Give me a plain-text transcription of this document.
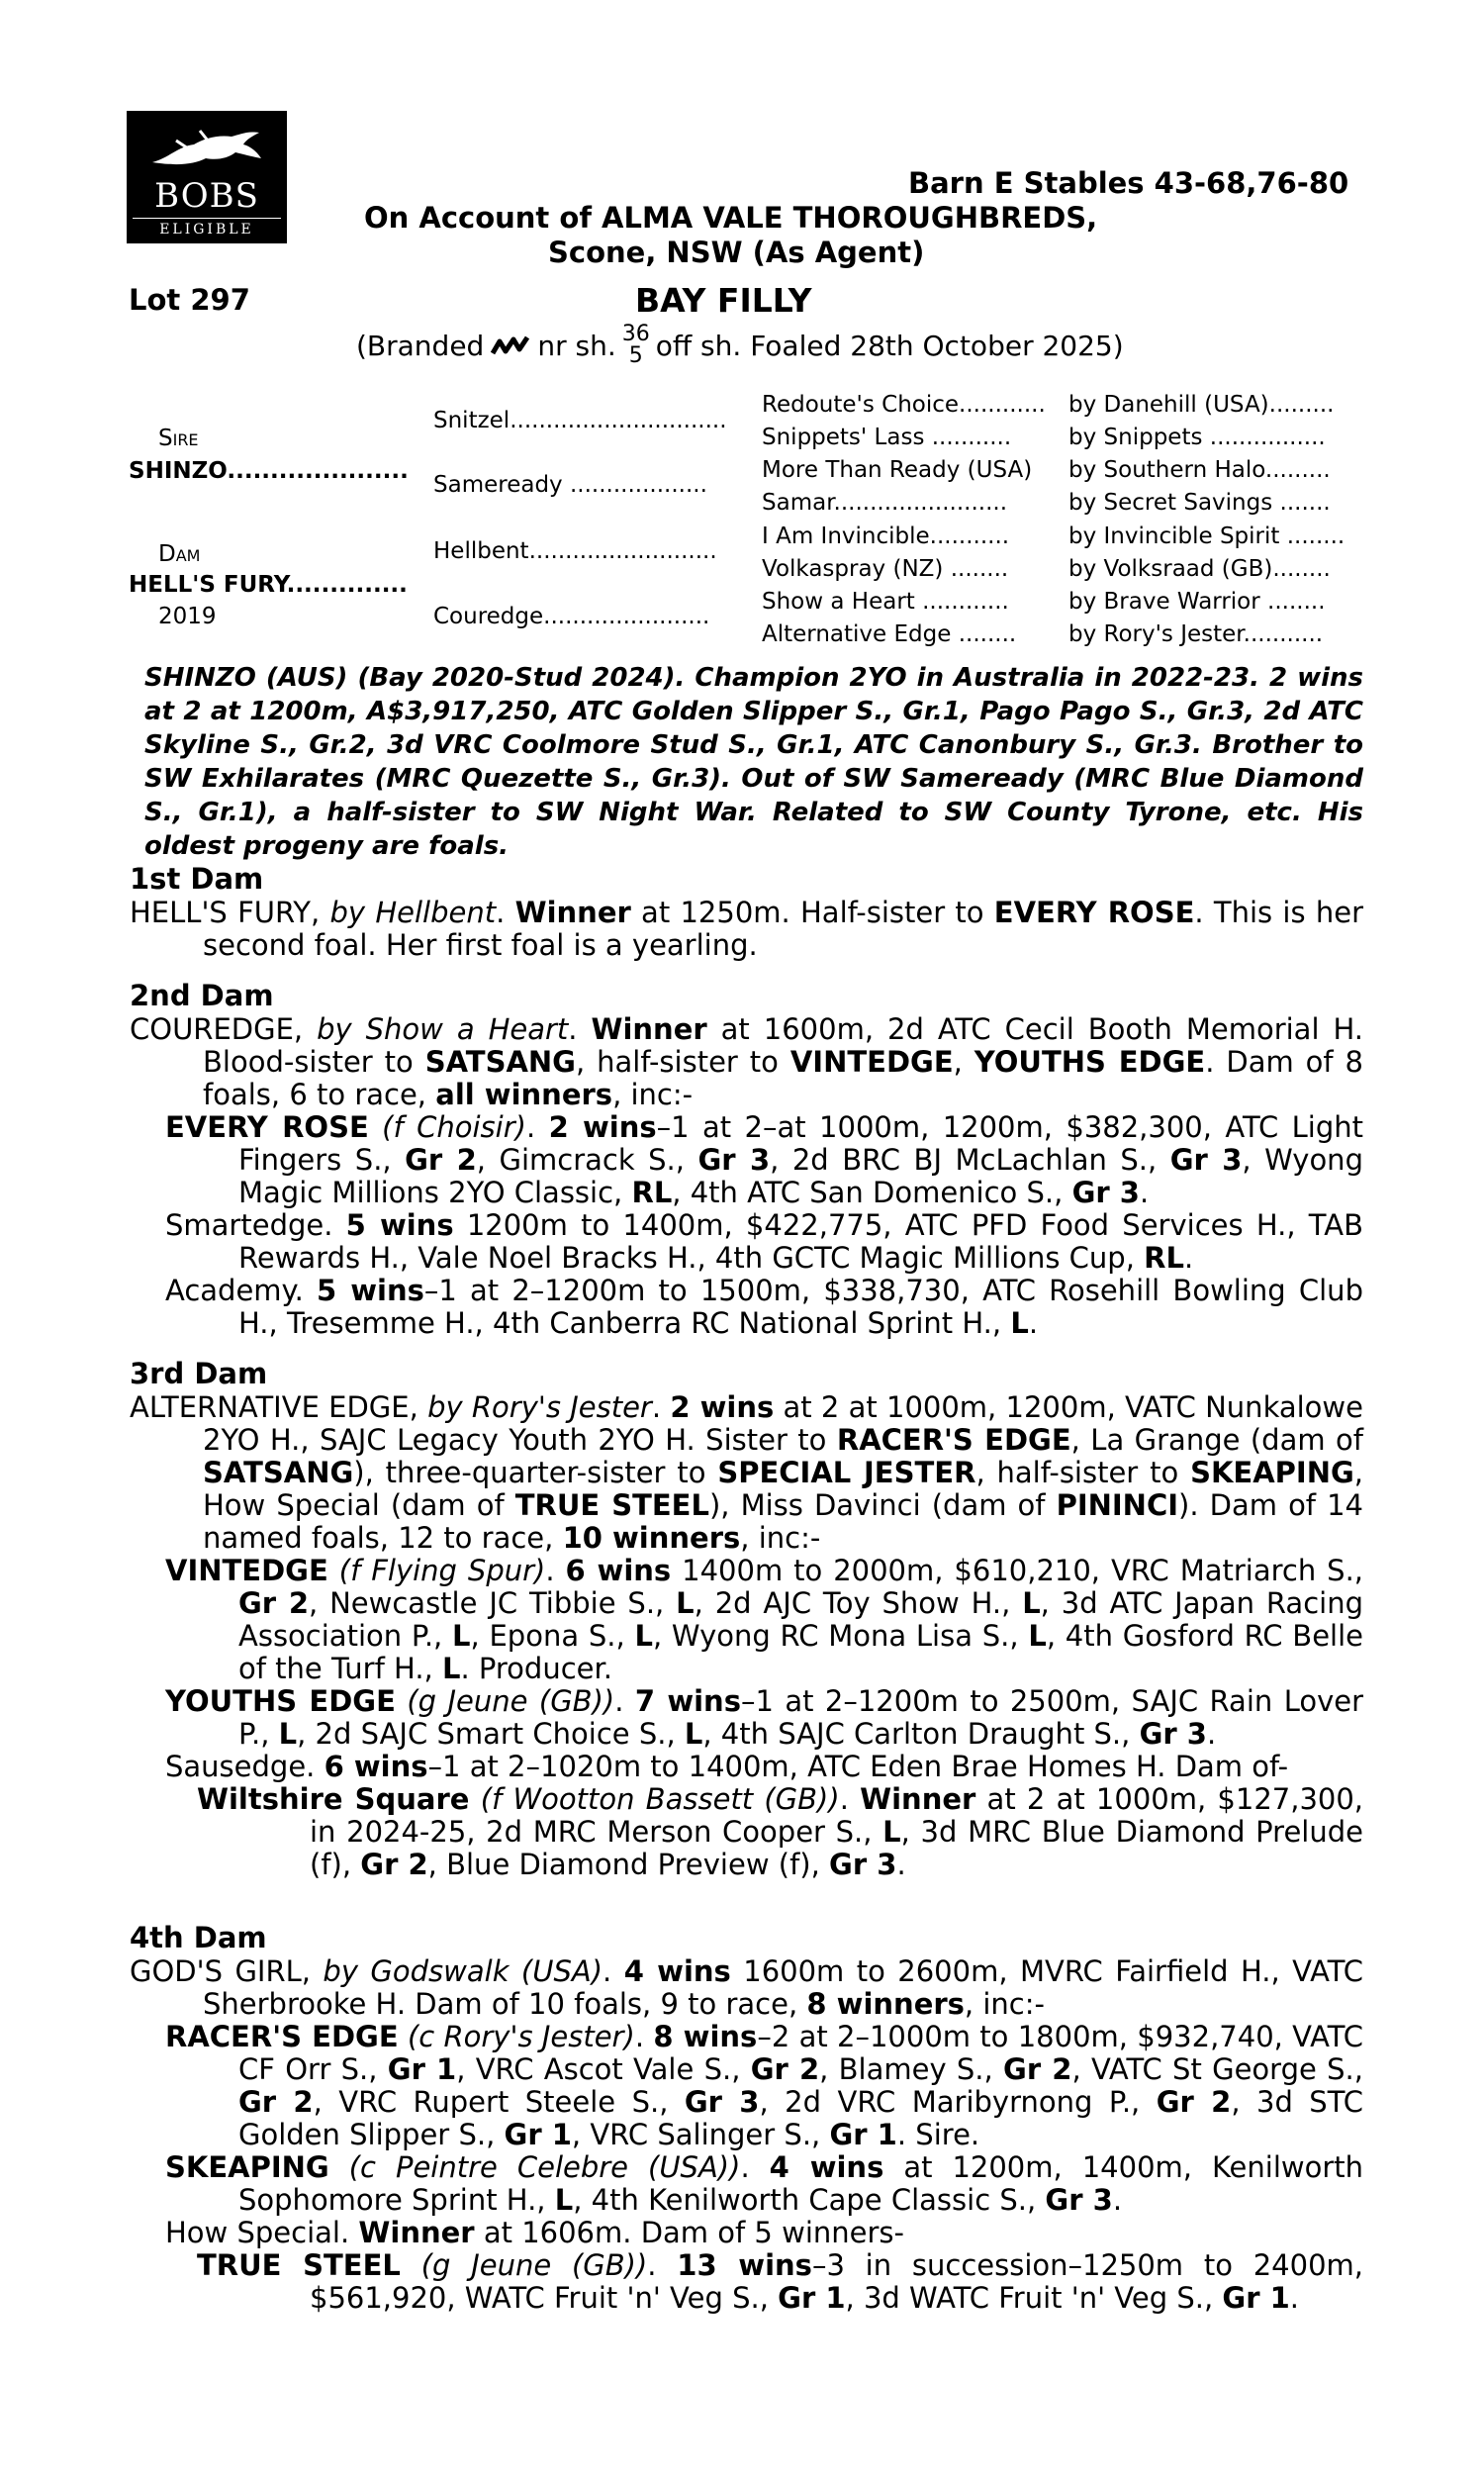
BOBS
ELIGIBLE
Barn E Stables 43-68,76-80
On Account of ALMA VALE THOROUGHBREDS,
Scone, NSW (As Agent)
Lot 297	BAY FILLY
(Branded nr sh. 36
5 off sh. Foaled 28th October 2025)
Sire
SHINZO.....................
Dam
HELL'S FURY..............
2019
Snitzel..............................
Sameready ...................
Hellbent..........................
Couredge.......................
Redoute's Choice............
Snippets' Lass ...........
More Than Ready (USA)
Samar........................
I Am Invincible...........
Volkaspray (NZ) ........
Show a Heart ............
Alternative Edge ........
by Danehill (USA).........
by Snippets ................
by Southern Halo.........
by Secret Savings .......
by Invincible Spirit ........
by Volksraad (GB)........
by Brave Warrior ........
by Rory's Jester...........

SHINZO (AUS) (Bay 2020-Stud 2024). Champion 2YO in Australia in 2022-23. 2 wins at 2 at 1200m, A$3,917,250, ATC Golden Slipper S., Gr.1, Pago Pago S., Gr.3, 2d ATC Skyline S., Gr.2, 3d VRC Coolmore Stud S., Gr.1, ATC Canonbury S., Gr.3. Brother to SW Exhilarates (MRC Quezette S., Gr.3). Out of SW Sameready (MRC Blue Diamond S., Gr.1), a half-sister to SW Night War. Related to SW County Tyrone, etc. His oldest progeny are foals.

1st Dam

HELL'S FURY, by Hellbent. Winner at 1250m. Half-sister to EVERY ROSE. This is her second foal. Her first foal is a yearling.

2nd Dam

COUREDGE, by Show a Heart. Winner at 1600m, 2d ATC Cecil Booth Memorial H. Blood-sister to SATSANG, half-sister to VINTEDGE, YOUTHS EDGE. Dam of 8 foals, 6 to race, all winners, inc:-

EVERY ROSE (f Choisir). 2 wins–1 at 2–at 1000m, 1200m, $382,300, ATC Light Fingers S., Gr 2, Gimcrack S., Gr 3, 2d BRC BJ McLachlan S., Gr 3, Wyong Magic Millions 2YO Classic, RL, 4th ATC San Domenico S., Gr 3.

Smartedge. 5 wins 1200m to 1400m, $422,775, ATC PFD Food Services H., TAB Rewards H., Vale Noel Bracks H., 4th GCTC Magic Millions Cup, RL.

Academy. 5 wins–1 at 2–1200m to 1500m, $338,730, ATC Rosehill Bowling Club H., Tresemme H., 4th Canberra RC National Sprint H., L.

3rd Dam

ALTERNATIVE EDGE, by Rory's Jester. 2 wins at 2 at 1000m, 1200m, VATC Nunkalowe 2YO H., SAJC Legacy Youth 2YO H. Sister to RACER'S EDGE, La Grange (dam of SATSANG), three-quarter-sister to SPECIAL JESTER, half-sister to SKEAPING, How Special (dam of TRUE STEEL), Miss Davinci (dam of PININCI). Dam of 14 named foals, 12 to race, 10 winners, inc:-

VINTEDGE (f Flying Spur). 6 wins 1400m to 2000m, $610,210, VRC Matriarch S., Gr 2, Newcastle JC Tibbie S., L, 2d AJC Toy Show H., L, 3d ATC Japan Racing Association P., L, Epona S., L, Wyong RC Mona Lisa S., L, 4th Gosford RC Belle of the Turf H., L. Producer.

YOUTHS EDGE (g Jeune (GB)). 7 wins–1 at 2–1200m to 2500m, SAJC Rain Lover P., L, 2d SAJC Smart Choice S., L, 4th SAJC Carlton Draught S., Gr 3.

Sausedge. 6 wins–1 at 2–1020m to 1400m, ATC Eden Brae Homes H. Dam of-

Wiltshire Square (f Wootton Bassett (GB)). Winner at 2 at 1000m, $127,300, in 2024-25, 2d MRC Merson Cooper S., L, 3d MRC Blue Diamond Prelude (f), Gr 2, Blue Diamond Preview (f), Gr 3.

4th Dam

GOD'S GIRL, by Godswalk (USA). 4 wins 1600m to 2600m, MVRC Fairfield H., VATC Sherbrooke H. Dam of 10 foals, 9 to race, 8 winners, inc:-

RACER'S EDGE (c Rory's Jester). 8 wins–2 at 2–1000m to 1800m, $932,740, VATC CF Orr S., Gr 1, VRC Ascot Vale S., Gr 2, Blamey S., Gr 2, VATC St George S., Gr 2, VRC Rupert Steele S., Gr 3, 2d VRC Maribyrnong P., Gr 2, 3d STC Golden Slipper S., Gr 1, VRC Salinger S., Gr 1. Sire.

SKEAPING (c Peintre Celebre (USA)). 4 wins at 1200m, 1400m, Kenilworth Sophomore Sprint H., L, 4th Kenilworth Cape Classic S., Gr 3.

How Special. Winner at 1606m. Dam of 5 winners-

TRUE STEEL (g Jeune (GB)). 13 wins–3 in succession–1250m to 2400m, $561,920, WATC Fruit 'n' Veg S., Gr 1, 3d WATC Fruit 'n' Veg S., Gr 1.
